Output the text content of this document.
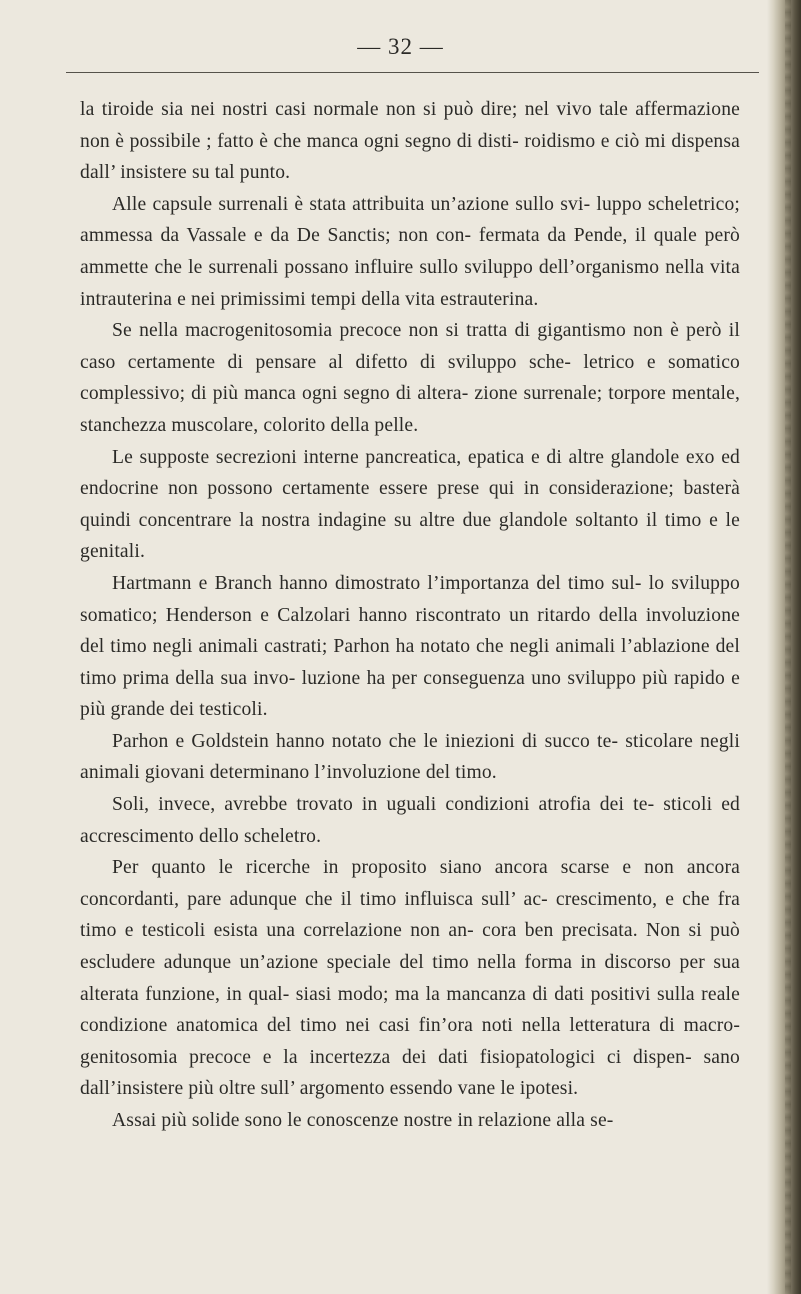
— 32 —

la tiroide sia nei nostri casi normale non si può dire; nel vivo tale affermazione non è possibile ; fatto è che manca ogni segno di disti- roidismo e ciò mi dispensa dall’ insistere su tal punto.

Alle capsule surrenali è stata attribuita un’azione sullo svi- luppo scheletrico; ammessa da Vassale e da De Sanctis; non con- fermata da Pende, il quale però ammette che le surrenali possano influire sullo sviluppo dell’organismo nella vita intrauterina e nei primissimi tempi della vita estrauterina.

Se nella macrogenitosomia precoce non si tratta di gigantismo non è però il caso certamente di pensare al difetto di sviluppo sche- letrico e somatico complessivo; di più manca ogni segno di altera- zione surrenale; torpore mentale, stanchezza muscolare, colorito della pelle.

Le supposte secrezioni interne pancreatica, epatica e di altre glandole exo ed endocrine non possono certamente essere prese qui in considerazione; basterà quindi concentrare la nostra indagine su altre due glandole soltanto il timo e le genitali.

Hartmann e Branch hanno dimostrato l’importanza del timo sul- lo sviluppo somatico; Henderson e Calzolari hanno riscontrato un ritardo della involuzione del timo negli animali castrati; Parhon ha notato che negli animali l’ablazione del timo prima della sua invo- luzione ha per conseguenza uno sviluppo più rapido e più grande dei testicoli.

Parhon e Goldstein hanno notato che le iniezioni di succo te- sticolare negli animali giovani determinano l’involuzione del timo.

Soli, invece, avrebbe trovato in uguali condizioni atrofia dei te- sticoli ed accrescimento dello scheletro.

Per quanto le ricerche in proposito siano ancora scarse e non ancora concordanti, pare adunque che il timo influisca sull’ ac- crescimento, e che fra timo e testicoli esista una correlazione non an- cora ben precisata. Non si può escludere adunque un’azione speciale del timo nella forma in discorso per sua alterata funzione, in qual- siasi modo; ma la mancanza di dati positivi sulla reale condizione anatomica del timo nei casi fin’ora noti nella letteratura di macro- genitosomia precoce e la incertezza dei dati fisiopatologici ci dispen- sano dall’insistere più oltre sull’ argomento essendo vane le ipotesi.

Assai più solide sono le conoscenze nostre in relazione alla se-
